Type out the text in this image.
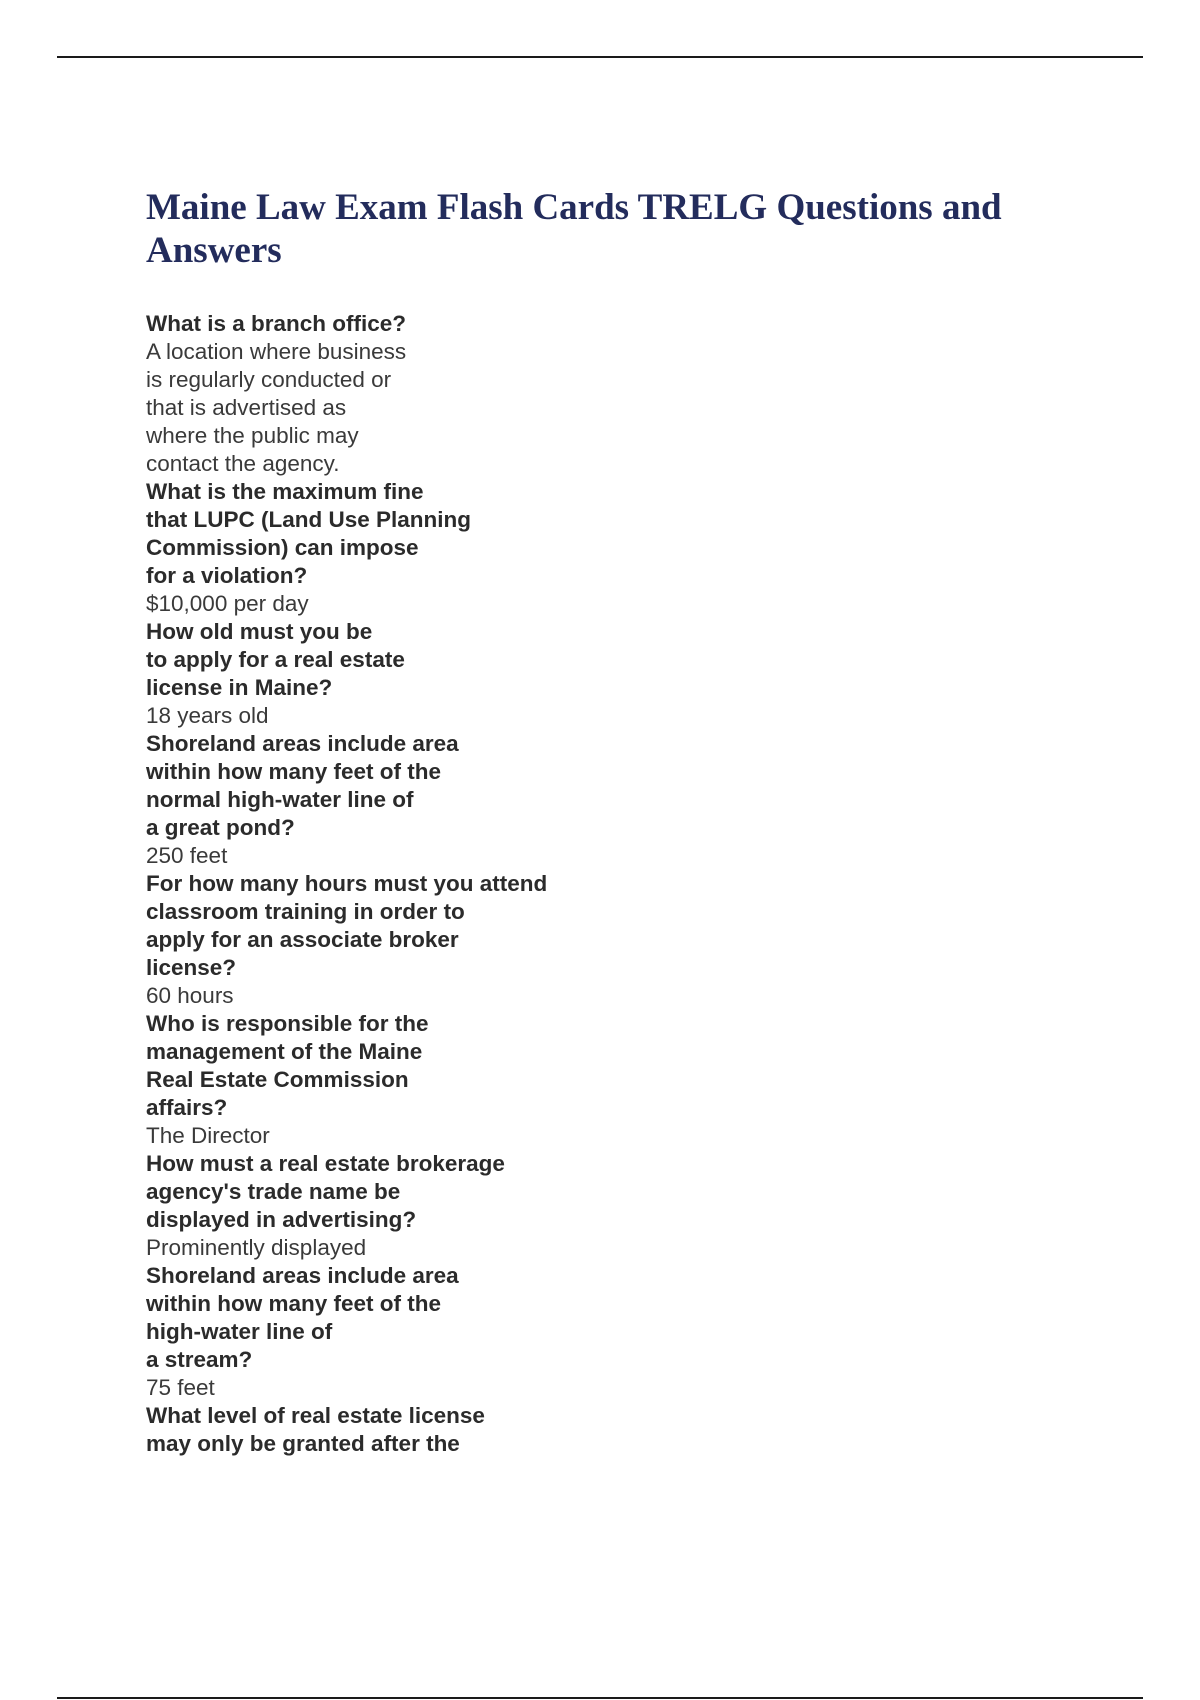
Maine Law Exam Flash Cards TRELG Questions and
Answers
What is a branch office?
A location where business
is regularly conducted or
that is advertised as
where the public may
contact the agency.
What is the maximum fine
that LUPC (Land Use Planning
Commission) can impose
for a violation?
$10,000 per day
How old must you be
to apply for a real estate
license in Maine?
18 years old
Shoreland areas include area
within how many feet of the
normal high-water line of
a great pond?
250 feet
For how many hours must you attend
classroom training in order to
apply for an associate broker
license?
60 hours
Who is responsible for the
management of the Maine
Real Estate Commission
affairs?
The Director
How must a real estate brokerage
agency's trade name be
displayed in advertising?
Prominently displayed
Shoreland areas include area
within how many feet of the
high-water line of
a stream?
75 feet
What level of real estate license
may only be granted after the
